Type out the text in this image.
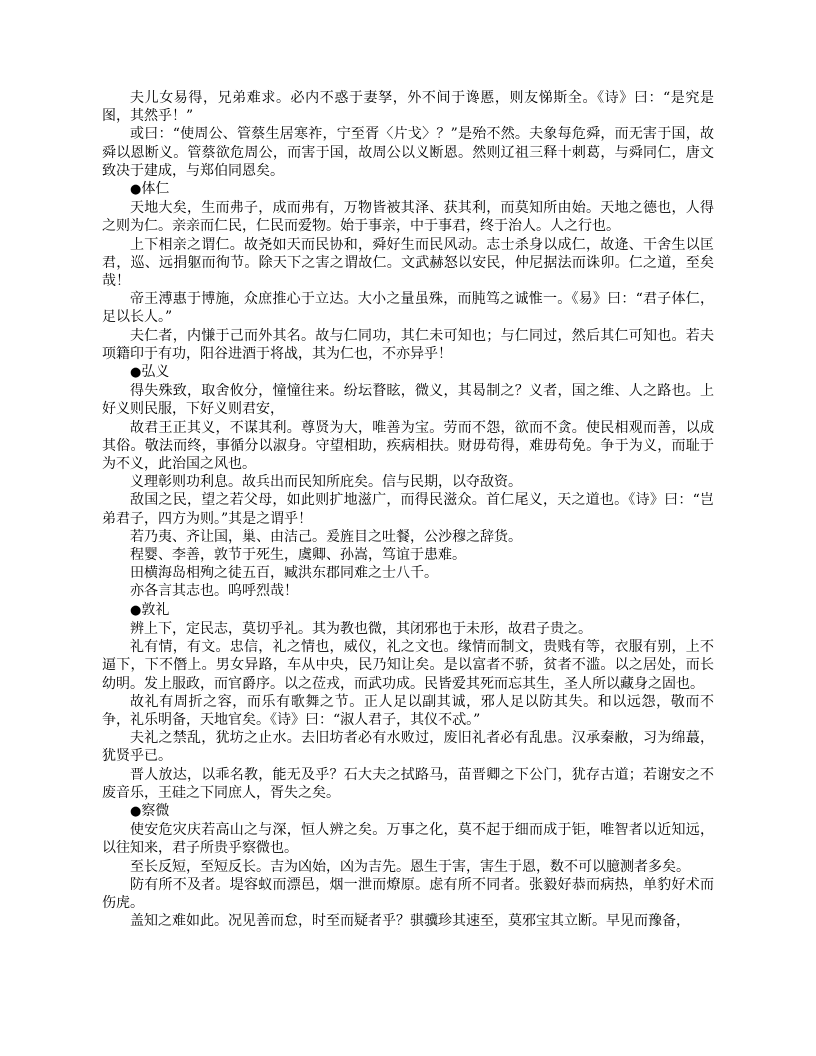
夫儿女易得，兄弟难求。必内不惑于妻孥，外不间于谗慝，则友悌斯全。《诗》曰：“是究是图，其然乎！”

或曰：“使周公、管蔡生居寒祚，宁至胥〈片戈〉？”是殆不然。夫象每危舜，而无害于国，故舜以恩断义。管蔡欲危周公，而害于国，故周公以义断恩。然则辽祖三释十刺葛，与舜同仁，唐文致决于建成，与郑伯同恩矣。

●体仁

天地大矣，生而弗子，成而弗有，万物皆被其泽、获其利，而莫知所由始。天地之德也，人得之则为仁。亲亲而仁民，仁民而爱物。始于事亲，中于事君，终于治人。人之行也。

上下相亲之谓仁。故尧如天而民协和，舜好生而民风动。志士杀身以成仁，故逄、干舍生以匡君，巡、远捐躯而徇节。除天下之害之谓故仁。文武赫怒以安民，仲尼据法而诛卯。仁之道，至矣哉！

帝王溥惠于博施，众庶推心于立达。大小之量虽殊，而肫笃之诚惟一。《易》曰：“君子体仁，足以长人。”

夫仁者，内慊于己而外其名。故与仁同功，其仁未可知也；与仁同过，然后其仁可知也。若夫项籍印于有功，阳谷进酒于将战，其为仁也，不亦异乎！

●弘义

得失殊致，取舍攸分，憧憧往来。纷坛瞀眩，微义，其曷制之？义者，国之维、人之路也。上好义则民服，下好义则君安，

故君王正其义，不谋其利。尊贤为大，唯善为宝。劳而不怨，欲而不贪。使民相观而善，以成其俗。敬法而终，事循分以淑身。守望相助，疾病相扶。财毋苟得，难毋苟免。争于为义，而耻于为不义，此治国之风也。

义理彰则功利息。故兵出而民知所庇矣。信与民期，以夺敌资。

敌国之民，望之若父母，如此则扩地滋广，而得民滋众。首仁尾义，天之道也。《诗》曰：“岂弟君子，四方为则。”其是之谓乎！

若乃夷、齐让国，巢、由洁己。爰旌目之吐餐，公沙穆之辞货。

程婴、李善，敦节于死生，虞卿、孙嵩，笃谊于患难。

田横海岛相殉之徒五百，臧洪东郡同难之士八千。

亦各言其志也。呜呼烈哉！

●敦礼

辨上下，定民志，莫切乎礼。其为教也微，其闭邪也于未形，故君子贵之。

礼有情，有文。忠信，礼之情也，威仪，礼之文也。缘情而制文，贵贱有等，衣服有别，上不逼下，下不僭上。男女异路，车从中央，民乃知让矣。是以富者不骄，贫者不滥。以之居处，而长幼明。发上服政，而官爵序。以之莅戎，而武功成。民皆爱其死而忘其生，圣人所以藏身之固也。

故礼有周折之容，而乐有歌舞之节。正人足以副其诚，邪人足以防其失。和以远怨，敬而不争，礼乐明备，天地官矣。《诗》曰：“淑人君子，其仪不忒。”

夫礼之禁乱，犹坊之止水。去旧坊者必有水败过，废旧礼者必有乱患。汉承秦敝，习为绵蕞，犹贤乎已。

晋人放达，以乖名教，能无及乎？石大夫之拭路马，苗晋卿之下公门，犹存古道；若谢安之不废音乐，王硅之下同庶人，胥失之矣。

●察微

使安危灾庆若高山之与深，恒人辨之矣。万事之化，莫不起于细而成于钜，唯智者以近知远，以往知来，君子所贵乎察微也。

至长反短，至短反长。吉为凶始，凶为吉先。恩生于害，害生于恩，数不可以臆测者多矣。

防有所不及者。堤容蚁而漂邑，烟一泄而燎原。虑有所不同者。张毅好恭而病热，单豹好术而伤虎。

盖知之难如此。况见善而怠，时至而疑者乎？骐骥珍其速至，莫邪宝其立断。早见而豫备，
